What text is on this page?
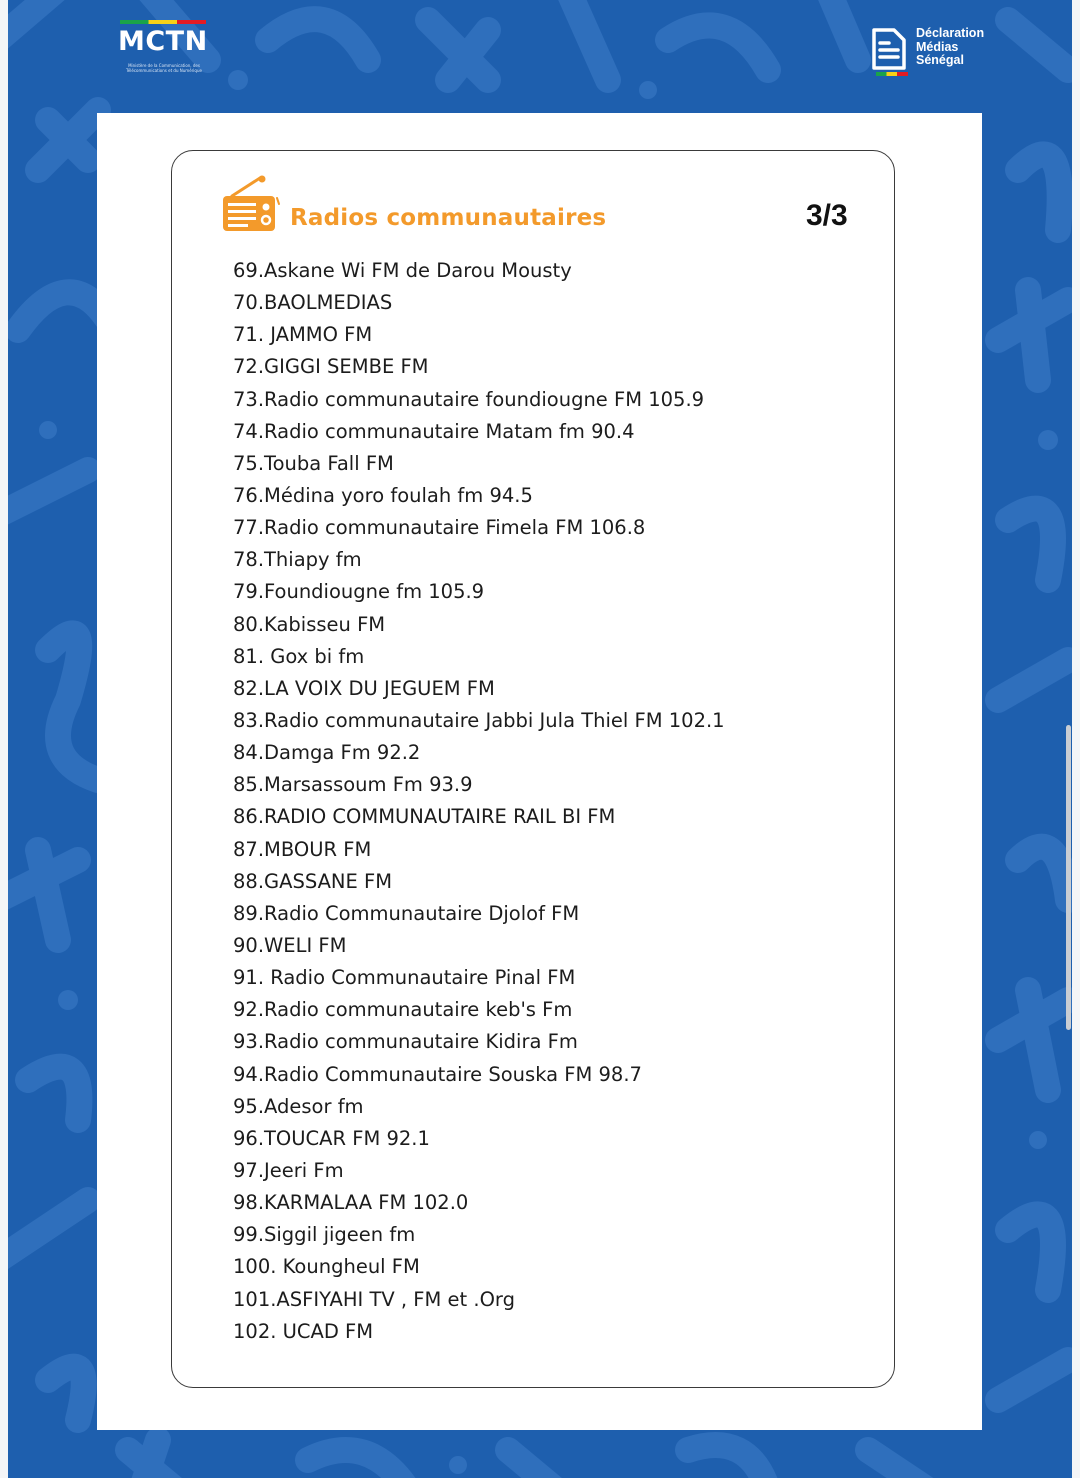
MCTN
Ministère de la Communication, des Télécommunications et du Numérique
Déclaration
Médias
Sénégal
Radios communautaires	3/3
69.Askane Wi FM de Darou Mousty
70.BAOLMEDIAS
71. JAMMO FM
72.GIGGI SEMBE FM
73.Radio communautaire foundiougne FM 105.9
74.Radio communautaire Matam fm 90.4
75.Touba Fall FM
76.Médina yoro foulah fm 94.5
77.Radio communautaire Fimela FM 106.8
78.Thiapy fm
79.Foundiougne fm 105.9
80.Kabisseu FM
81. Gox bi fm
82.LA VOIX DU JEGUEM FM
83.Radio communautaire Jabbi Jula Thiel FM 102.1
84.Damga Fm 92.2
85.Marsassoum Fm 93.9
86.RADIO COMMUNAUTAIRE RAIL BI FM
87.MBOUR FM
88.GASSANE FM
89.Radio Communautaire Djolof FM
90.WELI FM
91. Radio Communautaire Pinal FM
92.Radio communautaire keb's Fm
93.Radio communautaire Kidira Fm
94.Radio Communautaire Souska FM 98.7
95.Adesor fm
96.TOUCAR FM 92.1
97.Jeeri Fm
98.KARMALAA FM 102.0
99.Siggil jigeen fm
100. Koungheul FM
101.ASFIYAHI TV , FM et .Org
102. UCAD FM
